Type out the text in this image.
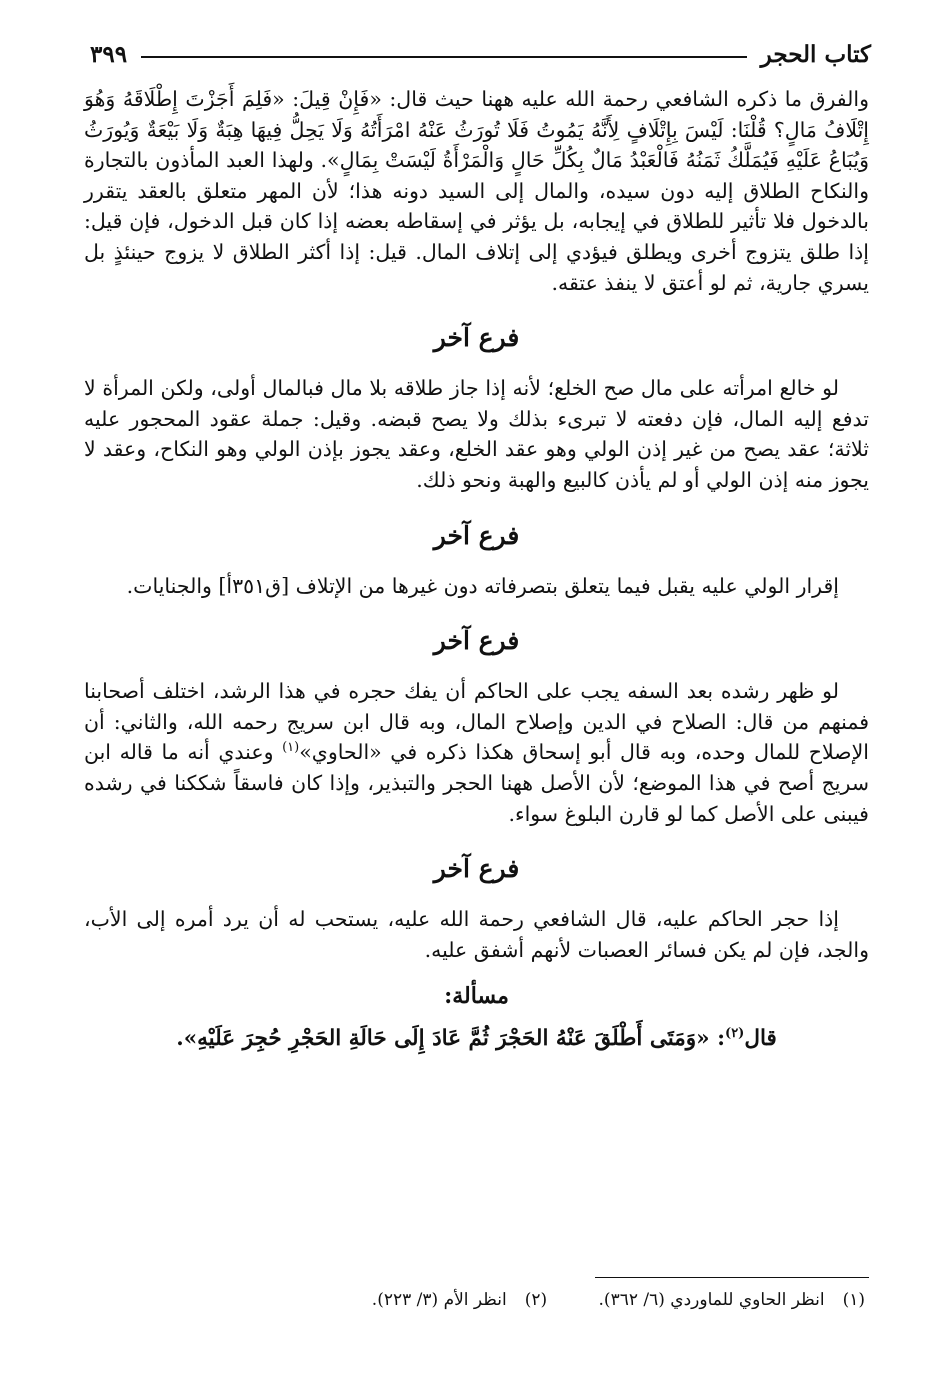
كتاب الحجر
٣٩٩

والفرق ما ذكره الشافعي رحمة الله عليه ههنا حيث قال: «فَإِنْ قِيلَ: «فَلِمَ أَجَزْتَ إِطْلَاقَهُ وَهُوَ إِتْلَافُ مَالٍ؟ قُلْنَا: لَيْسَ بِإِتْلَافٍ لِأَنَّهُ يَمُوتُ فَلَا تُورَثُ عَنْهُ امْرَأَتُهُ وَلَا يَحِلُّ فِيهَا هِبَةٌ وَلَا بَيْعَةٌ وَيُورَثُ وَيُبَاعُ عَلَيْهِ فَيُمَلَّكُ ثَمَنُهُ فَالْعَبْدُ مَالٌ بِكُلِّ حَالٍ وَالْمَرْأَةُ لَيْسَتْ بِمَالٍ». ولهذا العبد المأذون بالتجارة والنكاح الطلاق إليه دون سيده، والمال إلى السيد دونه هذا؛ لأن المهر متعلق بالعقد يتقرر بالدخول فلا تأثير للطلاق في إيجابه، بل يؤثر في إسقاطه بعضه إذا كان قبل الدخول، فإن قيل: إذا طلق يتزوج أخرى ويطلق فيؤدي إلى إتلاف المال. قيل: إذا أكثر الطلاق لا يزوج حينئذٍ بل يسري جارية، ثم لو أعتق لا ينفذ عتقه.

فرع آخر

لو خالع امرأته على مال صح الخلع؛ لأنه إذا جاز طلاقه بلا مال فبالمال أولى، ولكن المرأة لا تدفع إليه المال، فإن دفعته لا تبرىء بذلك ولا يصح قبضه. وقيل: جملة عقود المحجور عليه ثلاثة؛ عقد يصح من غير إذن الولي وهو عقد الخلع، وعقد يجوز بإذن الولي وهو النكاح، وعقد لا يجوز منه إذن الولي أو لم يأذن كالبيع والهبة ونحو ذلك.

فرع آخر

إقرار الولي عليه يقبل فيما يتعلق بتصرفاته دون غيرها من الإتلاف [ق٣٥١أ] والجنايات.

فرع آخر

لو ظهر رشده بعد السفه يجب على الحاكم أن يفك حجره في هذا الرشد، اختلف أصحابنا فمنهم من قال: الصلاح في الدين وإصلاح المال، وبه قال ابن سريج رحمه الله، والثاني: أن الإصلاح للمال وحده، وبه قال أبو إسحاق هكذا ذكره في «الحاوي»$^{(١)}$ وعندي أنه ما قاله ابن سريج أصح في هذا الموضع؛ لأن الأصل ههنا الحجر والتبذير، وإذا كان فاسقاً شككنا في رشده فيبنى على الأصل كما لو قارن البلوغ سواء.

فرع آخر

إذا حجر الحاكم عليه، قال الشافعي رحمة الله عليه، يستحب له أن يرد أمره إلى الأب، والجد، فإن لم يكن فسائر العصبات لأنهم أشفق عليه.

مسألة:

قال$^{(٢)}$: «وَمَتَى أَطْلَقَ عَنْهُ الحَجْرَ ثُمَّ عَادَ إِلَى حَالَةِ الحَجْرِ حُجِرَ عَلَيْهِ».

(١)انظر الحاوي للماوردي (٦/ ٣٦٢). (٢)انظر الأم (٣/ ٢٢٣).
